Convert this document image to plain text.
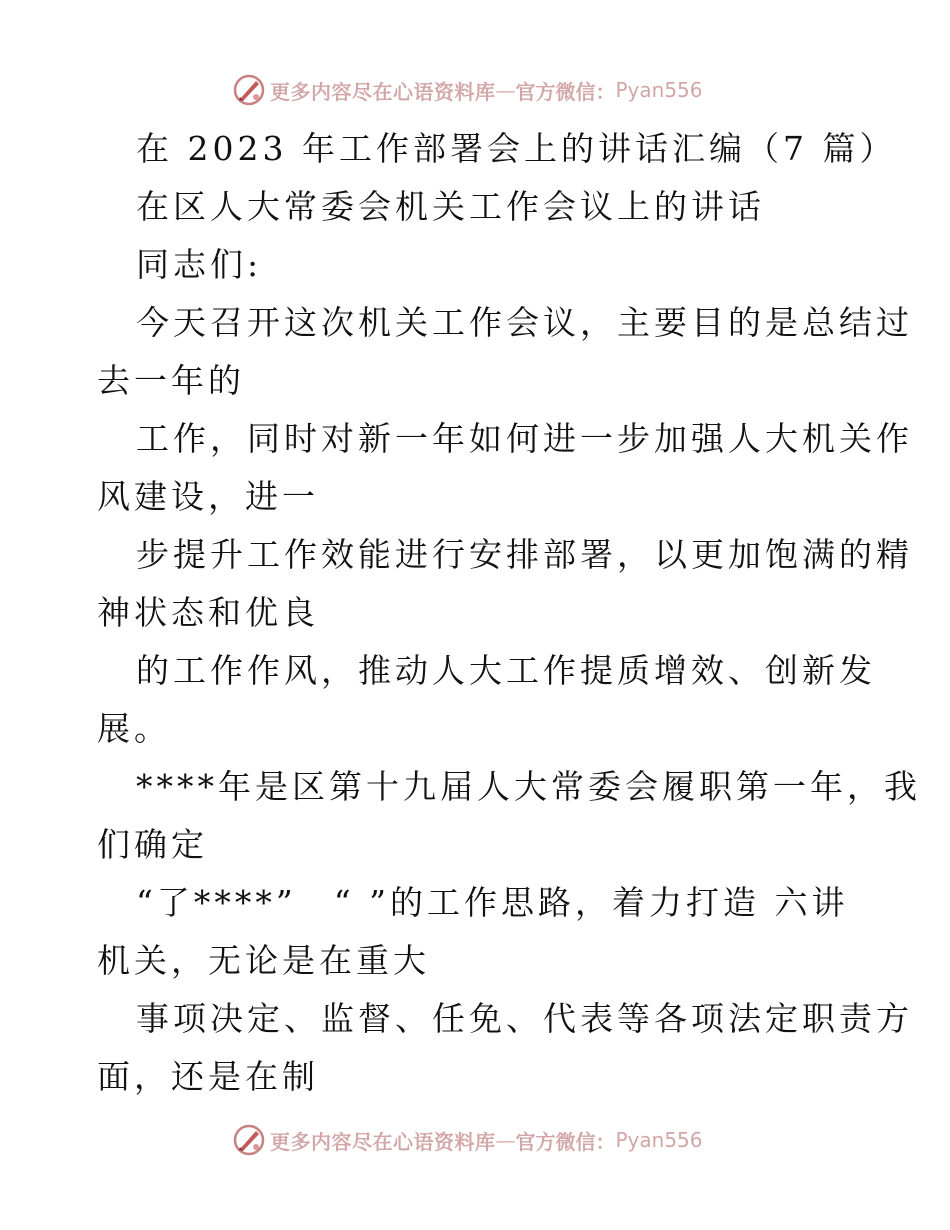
更多内容尽在心语资料库 — 官方微信： Pyan556
在 2023 年工作部署会上的讲话汇编（7 篇）
在区人大常委会机关工作会议上的讲话
同志们:
今天召开这次机关工作会议，主要目的是总结过
去一年的
工作，同时对新一年如何进一步加强人大机关作
风建设，进一
步提升工作效能进行安排部署，以更加饱满的精
神状态和优良
的工作作风，推动人大工作提质增效、创新发
展。
****年是区第十九届人大常委会履职第一年，我
们确定
“了****”　“ ”的工作思路，着力打造 六讲
机关，无论是在重大
事项决定、监督、任免、代表等各项法定职责方
面，还是在制
更多内容尽在心语资料库 — 官方微信： Pyan556
